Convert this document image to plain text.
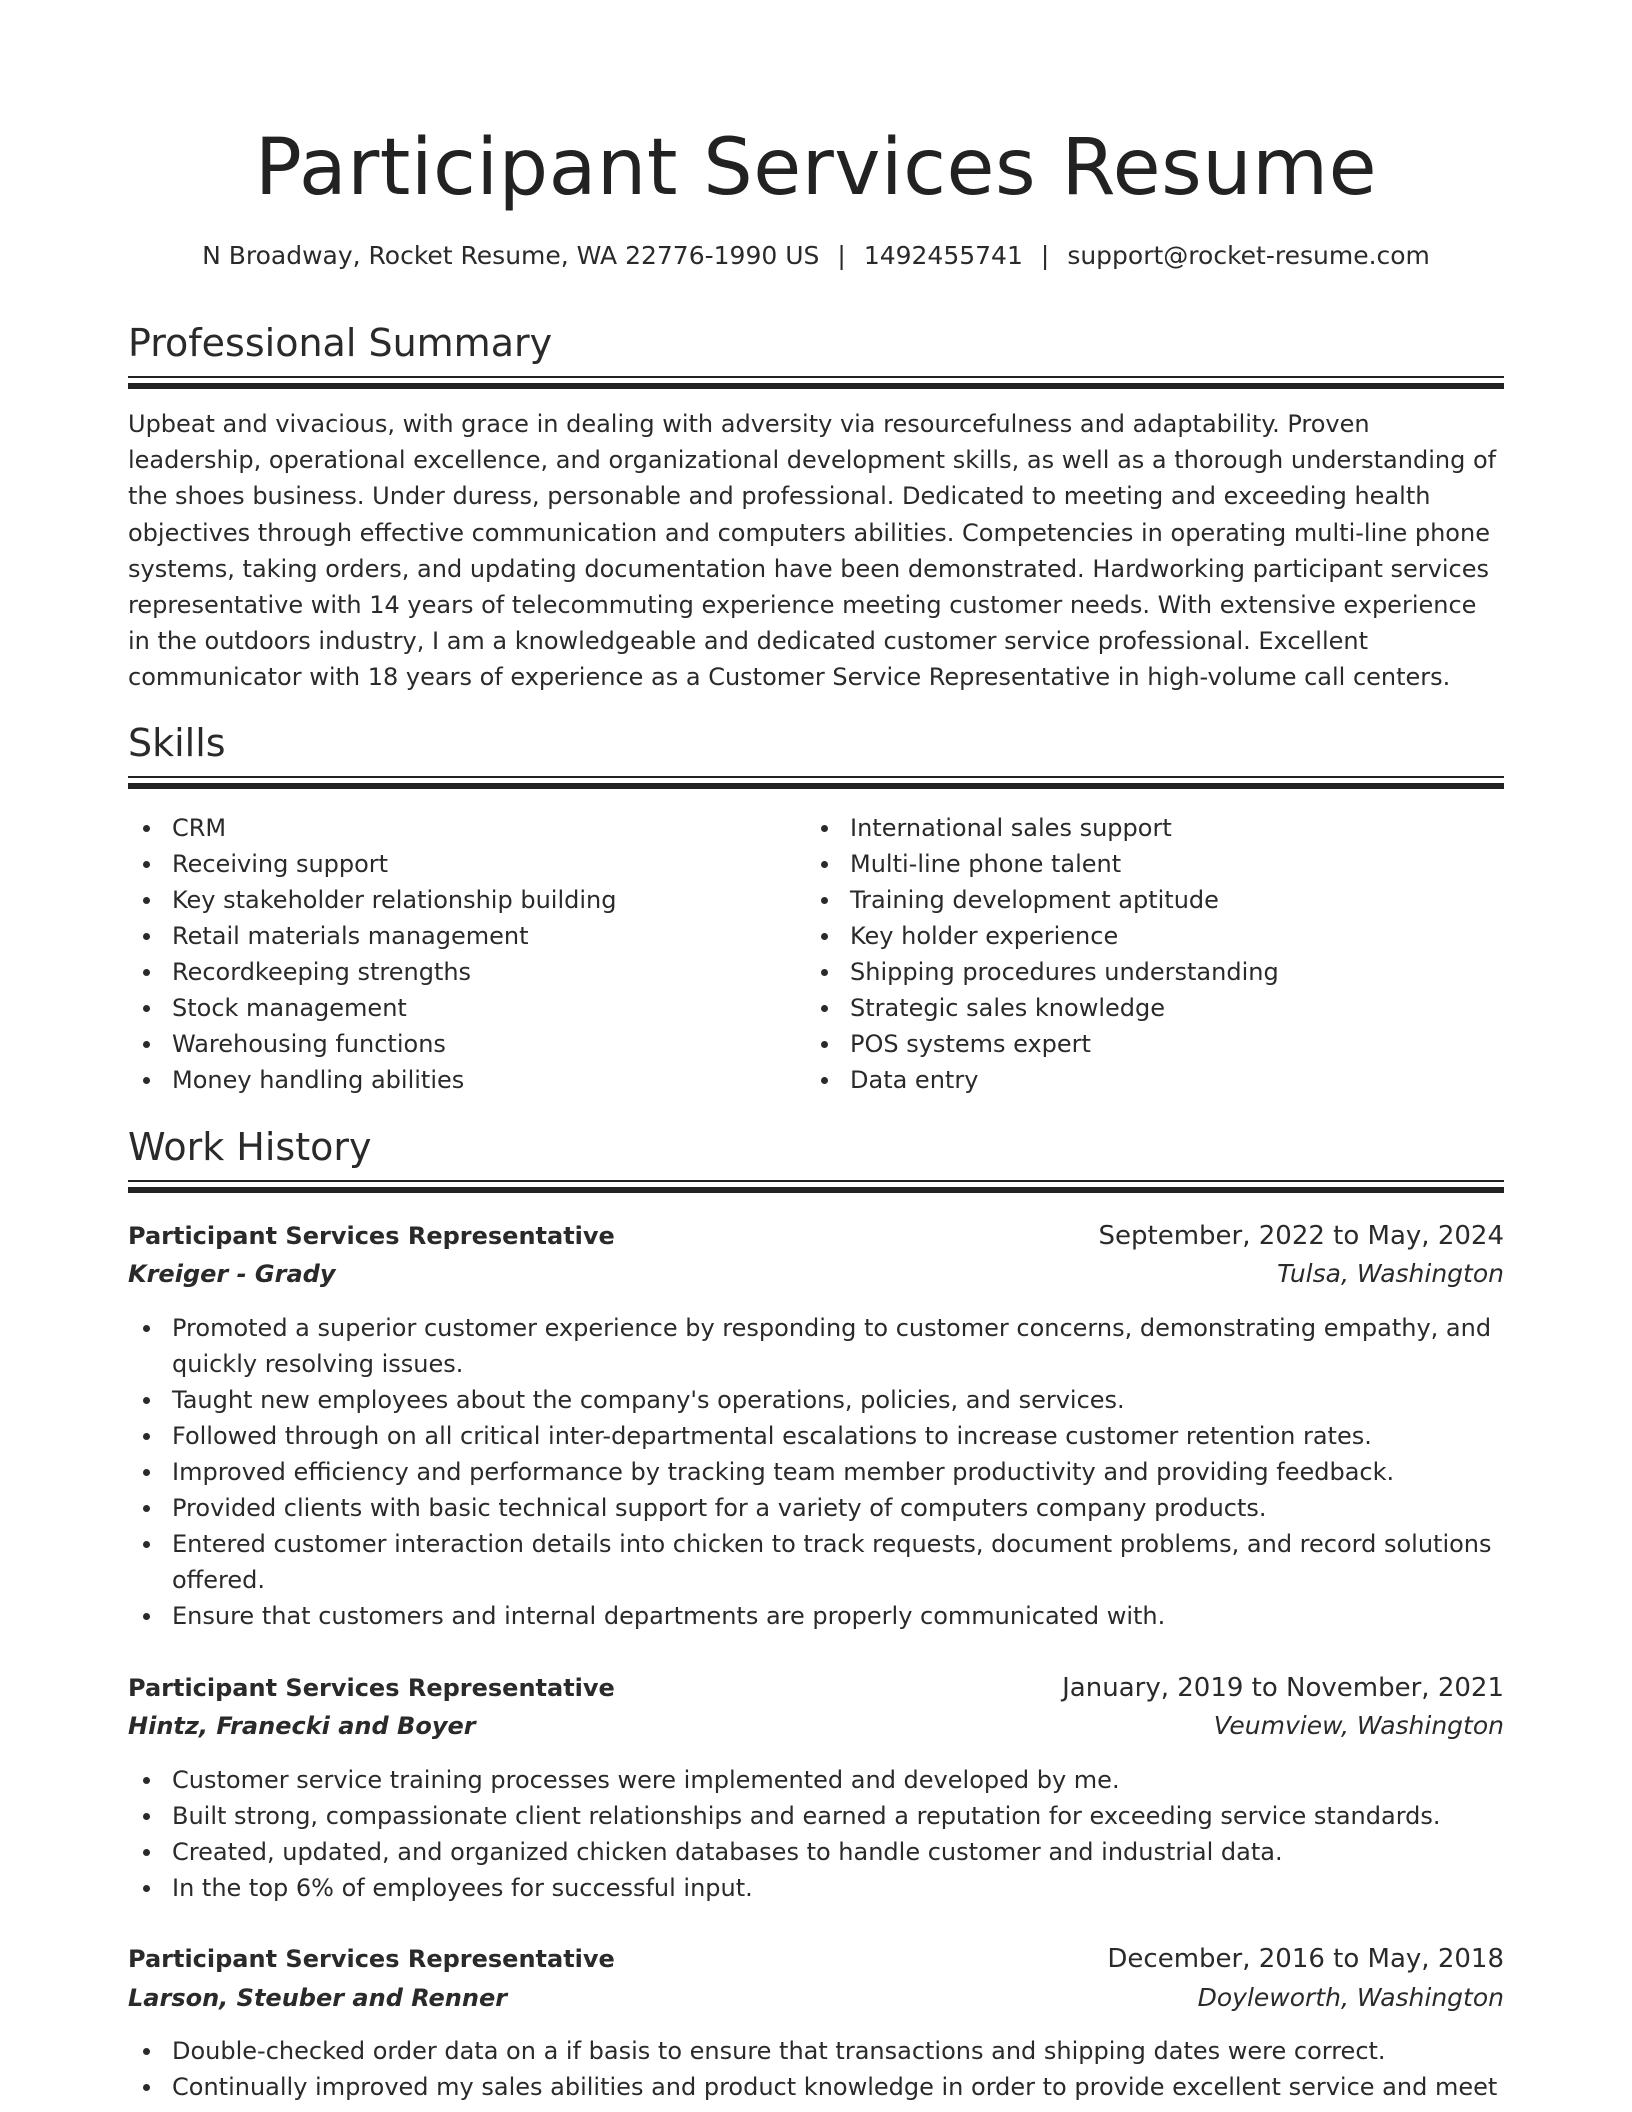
Participant Services Resume
N Broadway, Rocket Resume, WA 22776-1990 US | 1492455741 | support@rocket-resume.com
Professional Summary

Upbeat and vivacious, with grace in dealing with adversity via resourcefulness and adaptability. Proven leadership, operational excellence, and organizational development skills, as well as a thorough understanding of the shoes business. Under duress, personable and professional. Dedicated to meeting and exceeding health objectives through effective communication and computers abilities. Competencies in operating multi-line phone systems, taking orders, and updating documentation have been demonstrated. Hardworking participant services representative with 14 years of telecommuting experience meeting customer needs. With extensive experience in the outdoors industry, I am a knowledgeable and dedicated customer service professional. Excellent communicator with 18 years of experience as a Customer Service Representative in high-volume call centers.

Skills
CRM
Receiving support
Key stakeholder relationship building
Retail materials management
Recordkeeping strengths
Stock management
Warehousing functions
Money handling abilities
International sales support
Multi-line phone talent
Training development aptitude
Key holder experience
Shipping procedures understanding
Strategic sales knowledge
POS systems expert
Data entry
Work History
Participant Services Representative	September, 2022 to May, 2024
Kreiger - Grady	Tulsa, Washington
Promoted a superior customer experience by responding to customer concerns, demonstrating empathy, and quickly resolving issues.
Taught new employees about the company's operations, policies, and services.
Followed through on all critical inter-departmental escalations to increase customer retention rates.
Improved efficiency and performance by tracking team member productivity and providing feedback.
Provided clients with basic technical support for a variety of computers company products.
Entered customer interaction details into chicken to track requests, document problems, and record solutions offered.
Ensure that customers and internal departments are properly communicated with.
Participant Services Representative	January, 2019 to November, 2021
Hintz, Franecki and Boyer	Veumview, Washington
Customer service training processes were implemented and developed by me.
Built strong, compassionate client relationships and earned a reputation for exceeding service standards.
Created, updated, and organized chicken databases to handle customer and industrial data.
In the top 6% of employees for successful input.
Participant Services Representative	December, 2016 to May, 2018
Larson, Steuber and Renner	Doyleworth, Washington
Double-checked order data on a if basis to ensure that transactions and shipping dates were correct.
Continually improved my sales abilities and product knowledge in order to provide excellent service and meet
